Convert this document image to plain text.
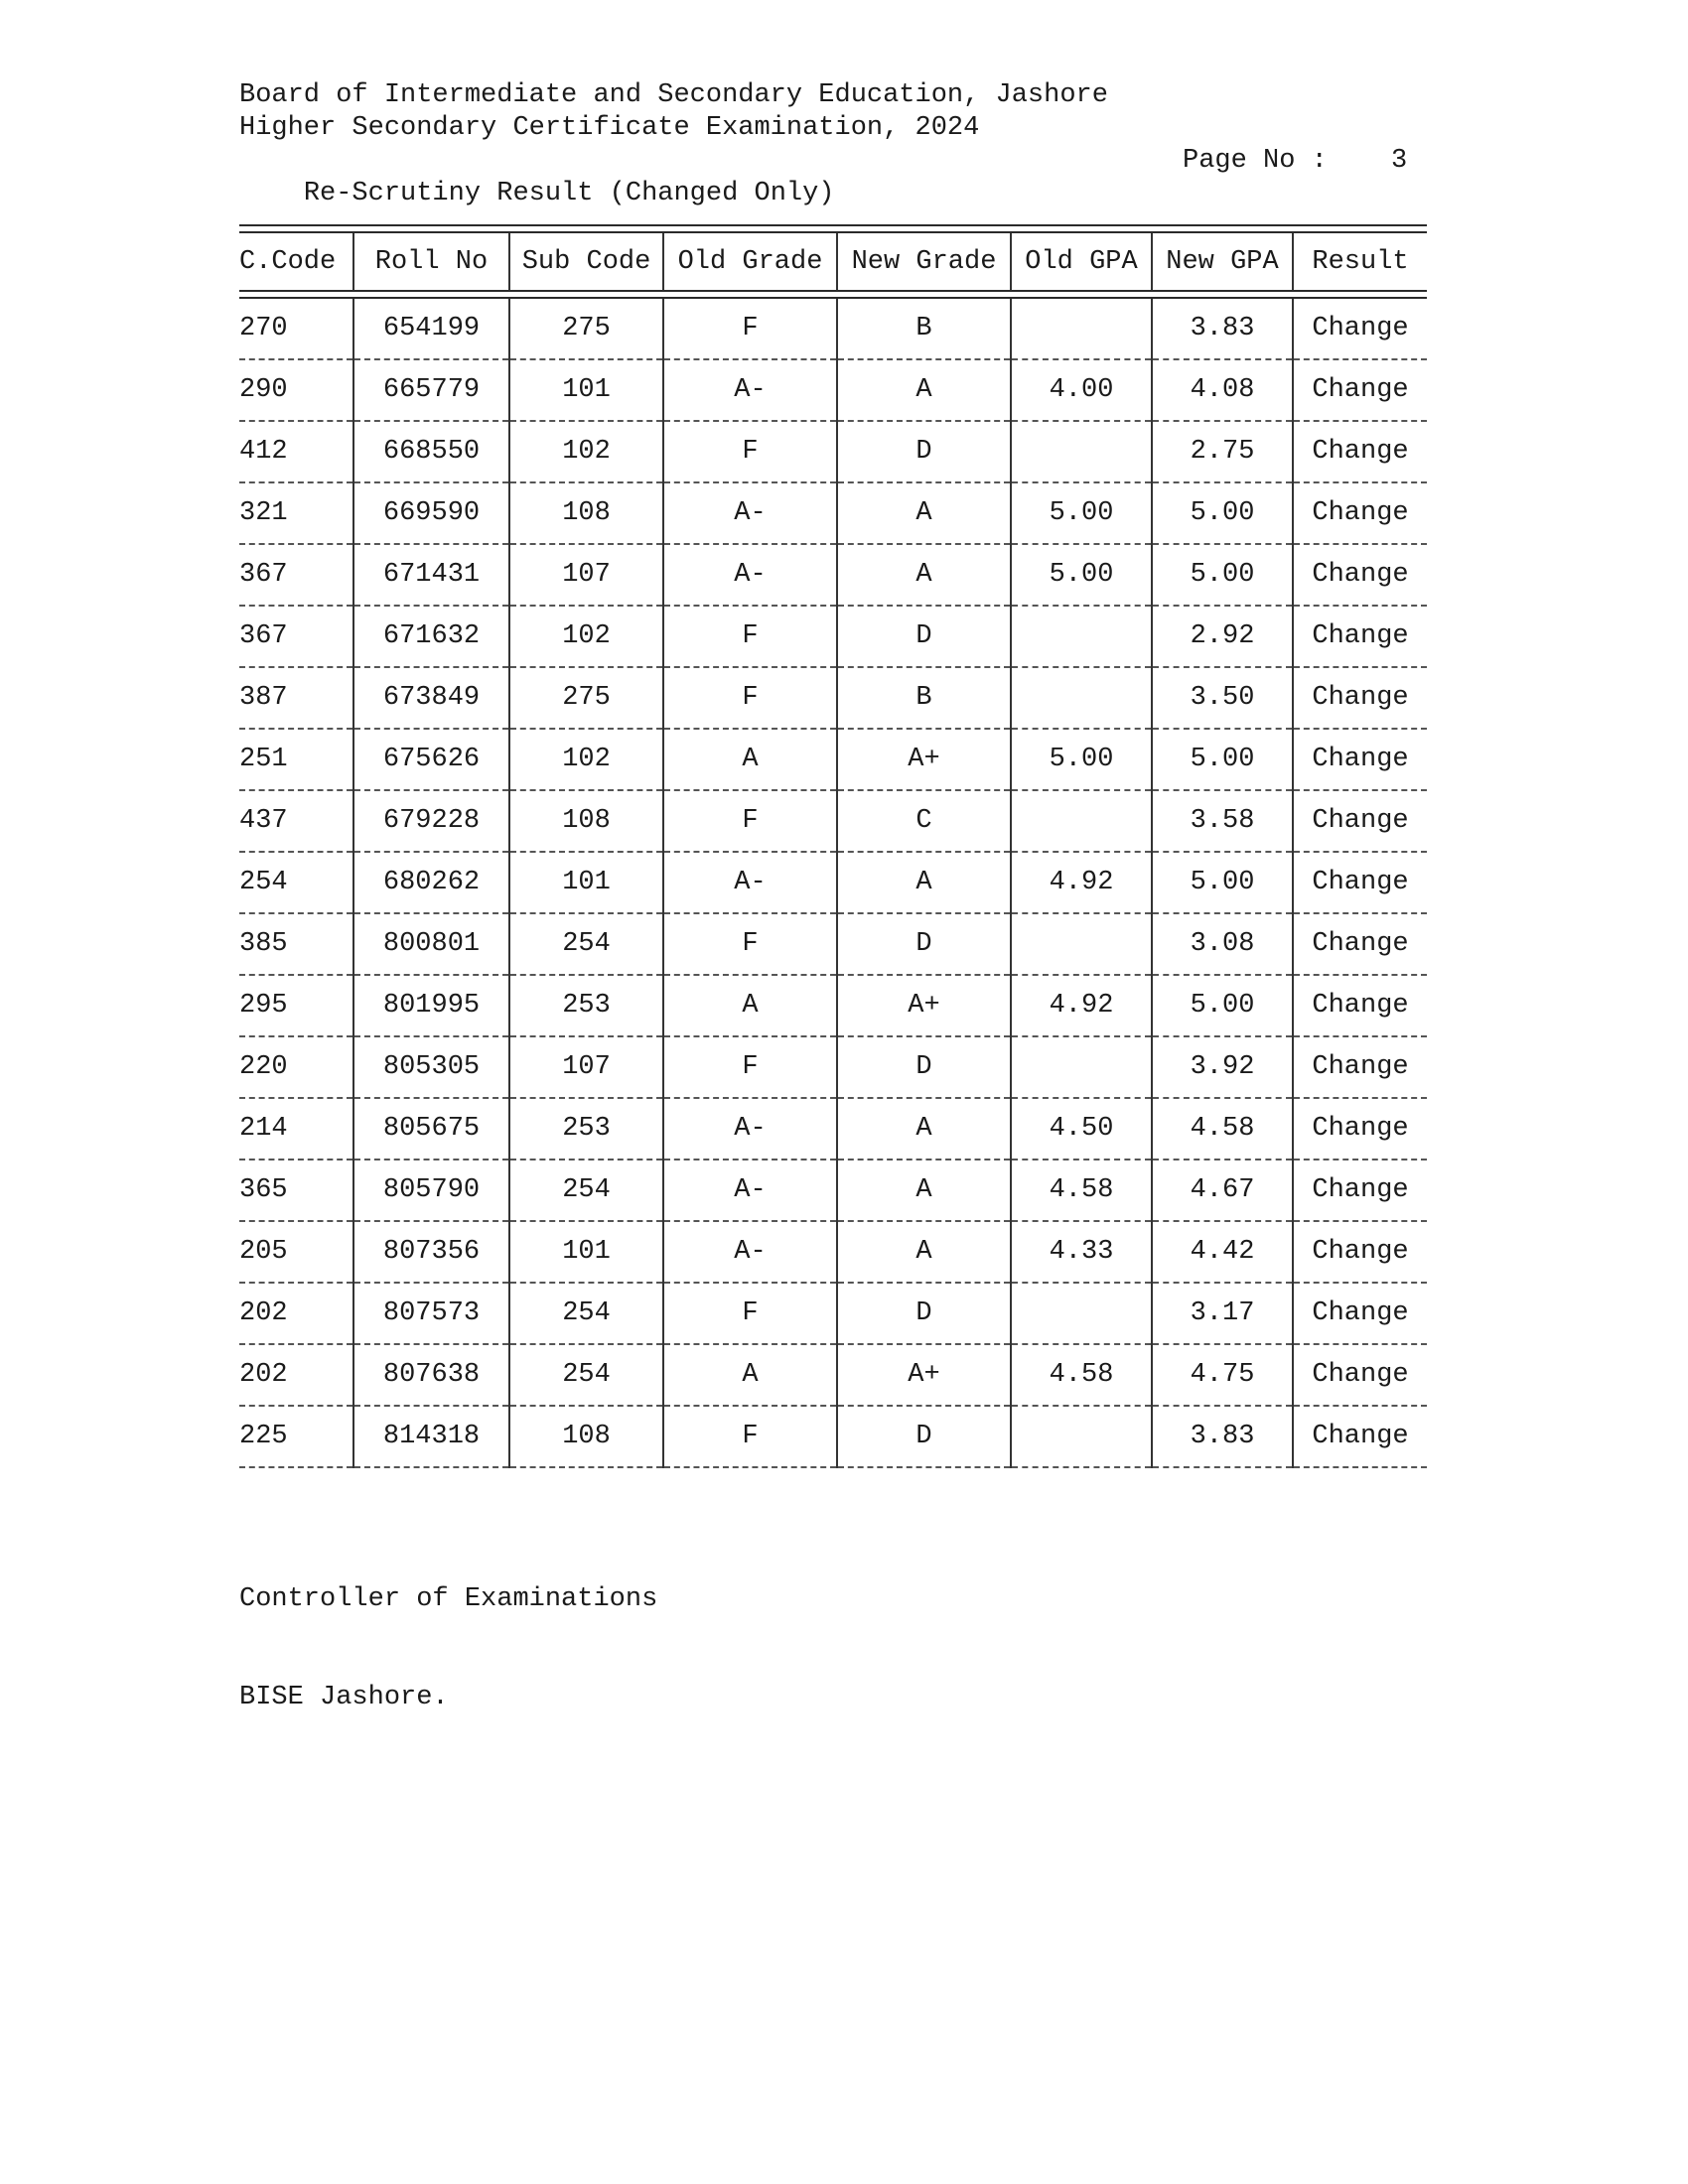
Board of Intermediate and Secondary Education, Jashore
Higher Secondary Certificate Examination, 2024

Re-Scrutiny Result (Changed Only)

Page No :

3

C.Code	Roll No	Sub Code	Old Grade	New Grade	Old GPA	New GPA	Result
270	654199	275	F	B		3.83	Change
290	665779	101	A-	A	4.00	4.08	Change
412	668550	102	F	D		2.75	Change
321	669590	108	A-	A	5.00	5.00	Change
367	671431	107	A-	A	5.00	5.00	Change
367	671632	102	F	D		2.92	Change
387	673849	275	F	B		3.50	Change
251	675626	102	A	A+	5.00	5.00	Change
437	679228	108	F	C		3.58	Change
254	680262	101	A-	A	4.92	5.00	Change
385	800801	254	F	D		3.08	Change
295	801995	253	A	A+	4.92	5.00	Change
220	805305	107	F	D		3.92	Change
214	805675	253	A-	A	4.50	4.58	Change
365	805790	254	A-	A	4.58	4.67	Change
205	807356	101	A-	A	4.33	4.42	Change
202	807573	254	F	D		3.17	Change
202	807638	254	A	A+	4.58	4.75	Change
225	814318	108	F	D		3.83	Change

Controller of Examinations

BISE Jashore.
